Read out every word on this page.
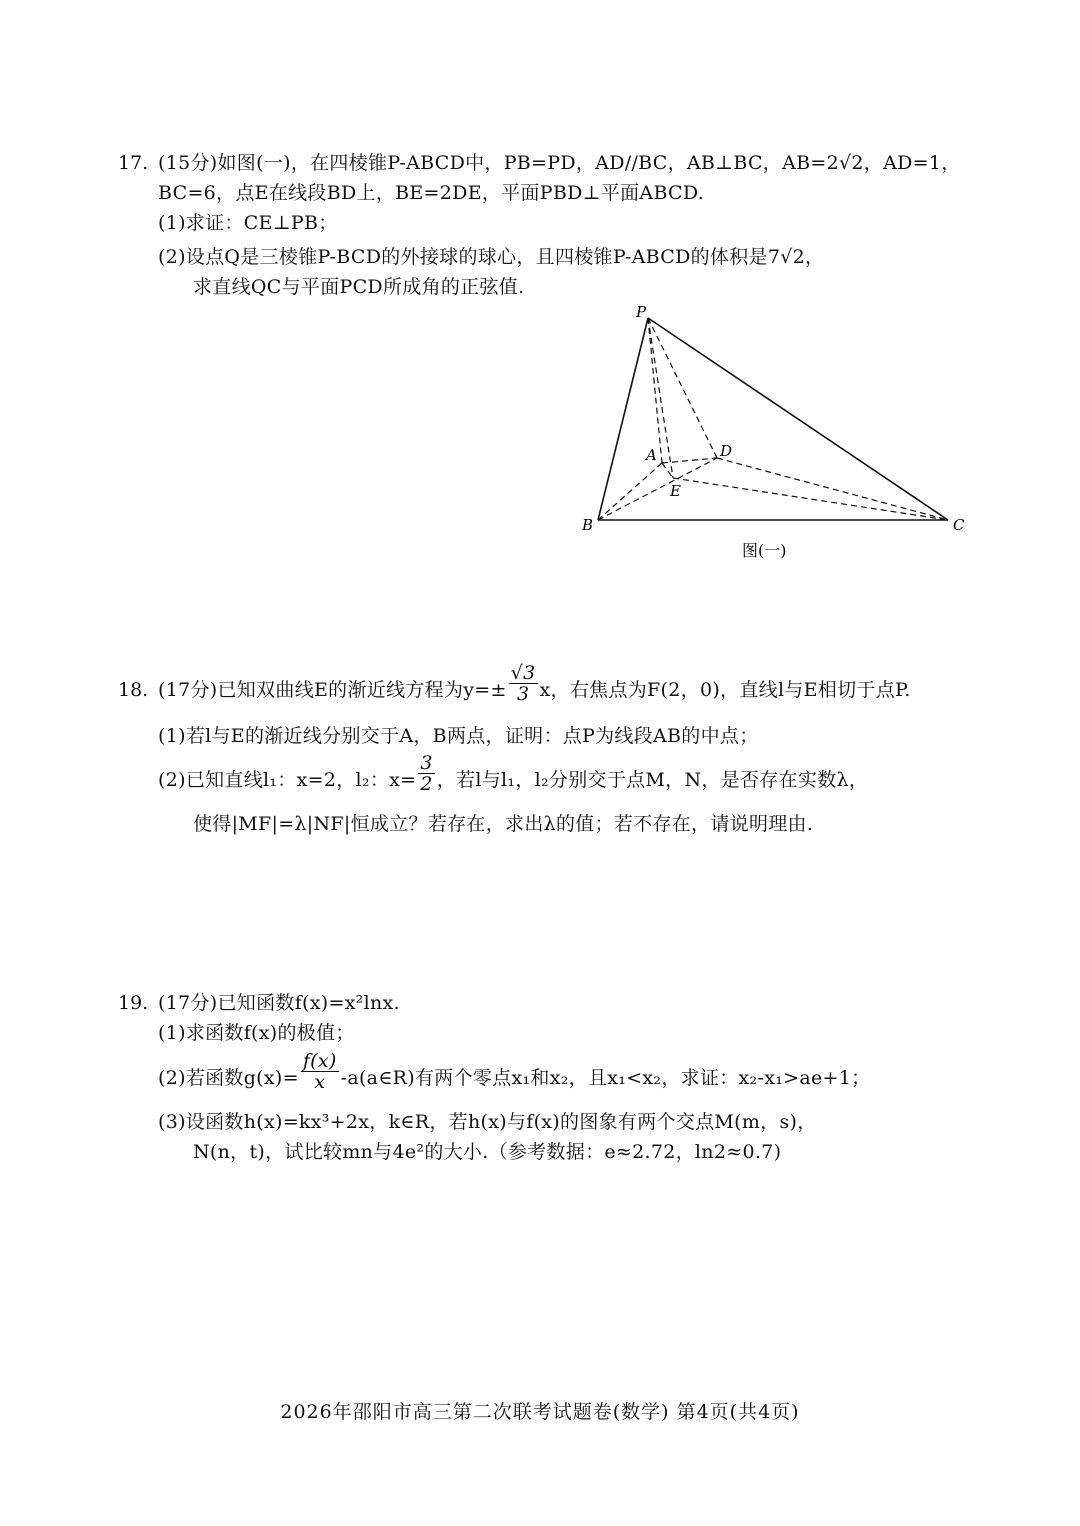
17. (15分)如图(一)，在四棱锥P-ABCD中，PB=PD，AD//BC，AB⊥BC，AB=2√2，AD=1，
BC=6，点E在线段BD上，BE=2DE，平面PBD⊥平面ABCD.
(1)求证：CE⊥PB；
(2)设点Q是三棱锥P-BCD的外接球的球心，且四棱锥P-ABCD的体积是7√2，
求直线QC与平面PCD所成角的正弦值.
P
A	D
E
B	C
图(一)
18. (17分)已知双曲线E的渐近线方程为$y=\pm \frac{√3}{3}$ x，右焦点为F(2，0)，直线l与E相切于点P.
(1)若l与E的渐近线分别交于A，B两点，证明：点P为线段AB的中点；
(2)已知直线l₁：x=2，l₂：$x= \frac{3}{2}$ ，若l与l₁，l₂分别交于点M，N，是否存在实数λ，
使得|MF|=λ|NF|恒成立？若存在，求出λ的值；若不存在，请说明理由.
19. (17分)已知函数f(x)=x²lnx.
(1)求函数f(x)的极值；
(2)若函数$g(x)= \frac{f(x)}{x}$ -a(a∈R)有两个零点x₁和x₂，且x₁<x₂，求证：x₂-x₁>ae+1；
(3)设函数h(x)=kx³+2x，k∈R，若h(x)与f(x)的图象有两个交点M(m，s)，
N(n，t)，试比较mn与4e²的大小.（参考数据：e≈2.72，ln2≈0.7)
2026年邵阳市高三第二次联考试题卷(数学) 第4页(共4页)
